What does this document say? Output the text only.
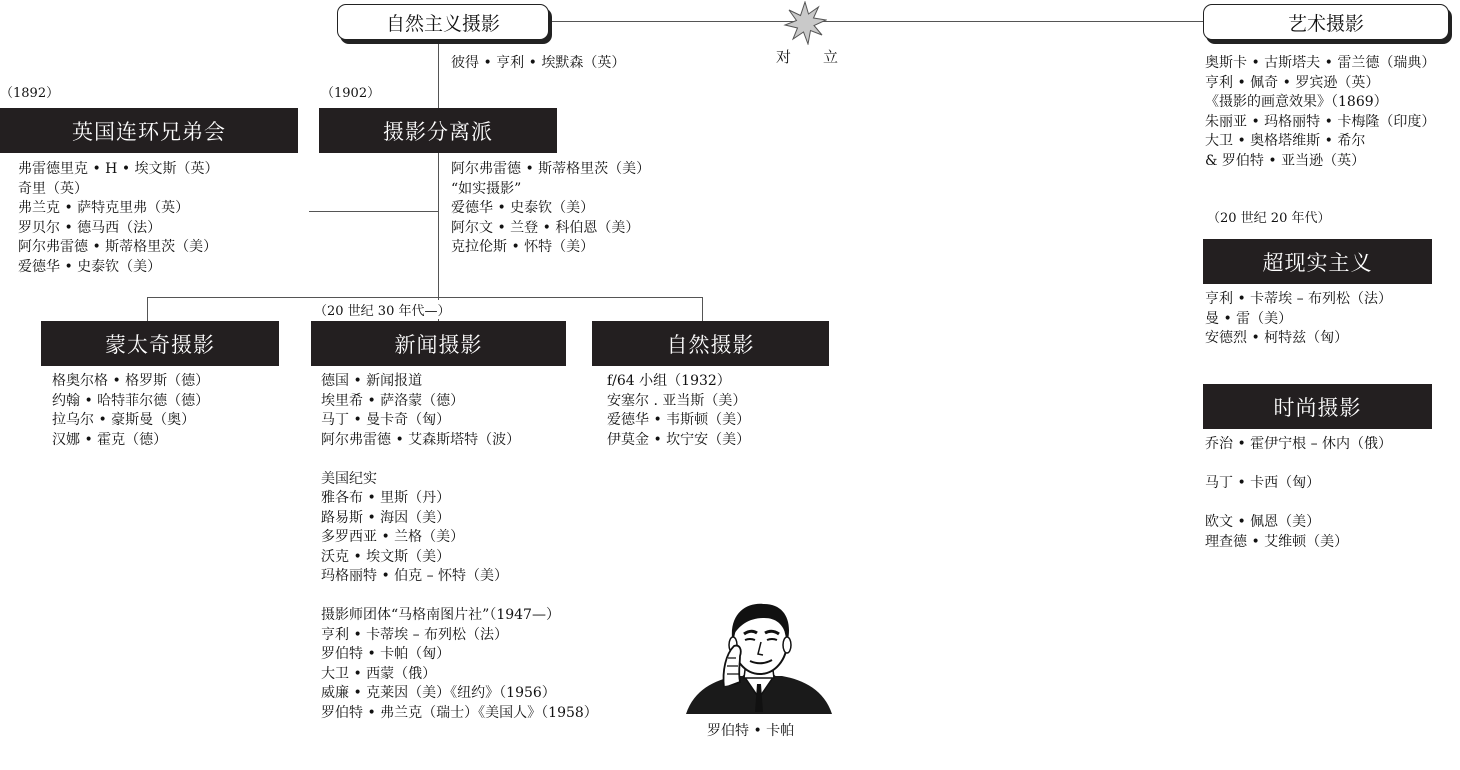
自然主义摄影	艺术摄影
对 立
彼得 • 亨利 • 埃默森（英）	奥斯卡 • 古斯塔夫 • 雷兰德（瑞典）
亨利 • 佩奇 • 罗宾逊（英）
《摄影的画意效果》（1869）
朱丽亚 • 玛格丽特 • 卡梅隆（印度）
大卫 • 奥格塔维斯 • 希尔
& 罗伯特 • 亚当逊（英）
（1892）
英国连环兄弟会
弗雷德里克 • H • 埃文斯（英）
奇里（英）
弗兰克 • 萨特克里弗（英）
罗贝尔 • 德马西（法）
阿尔弗雷德 • 斯蒂格里茨（美）
爱德华 • 史泰钦（美）
（1902）
摄影分离派
阿尔弗雷德 • 斯蒂格里茨（美）
“如实摄影”
爱德华 • 史泰钦（美）
阿尔文 • 兰登 • 科伯恩（美）
克拉伦斯 • 怀特（美）
（20 世纪 30 年代—）
蒙太奇摄影
格奥尔格 • 格罗斯（德）
约翰 • 哈特菲尔德（德）
拉乌尔 • 豪斯曼（奥）
汉娜 • 霍克（德）
新闻摄影
德国 • 新闻报道
埃里希 • 萨洛蒙（德）
马丁 • 曼卡奇（匈）
阿尔弗雷德 • 艾森斯塔特（波）
美国纪实
雅各布 • 里斯（丹）
路易斯 • 海因（美）
多罗西亚 • 兰格（美）
沃克 • 埃文斯（美）
玛格丽特 • 伯克 – 怀特（美）
摄影师团体“马格南图片社”（1947—）
亨利 • 卡蒂埃 – 布列松（法）
罗伯特 • 卡帕（匈）
大卫 • 西蒙（俄）
威廉 • 克莱因（美）《纽约》（1956）
罗伯特 • 弗兰克（瑞士）《美国人》（1958）
自然摄影
f/64 小组（1932）
安塞尔 . 亚当斯（美）
爱德华 • 韦斯顿（美）
伊莫金 • 坎宁安（美）
（20 世纪 20 年代）
超现实主义
亨利 • 卡蒂埃 – 布列松（法）
曼 • 雷（美）
安德烈 • 柯特兹（匈）
时尚摄影
乔治 • 霍伊宁根 – 休内（俄）
马丁 • 卡西（匈）
欧文 • 佩恩（美）
理查德 • 艾维顿（美）
罗伯特 • 卡帕
